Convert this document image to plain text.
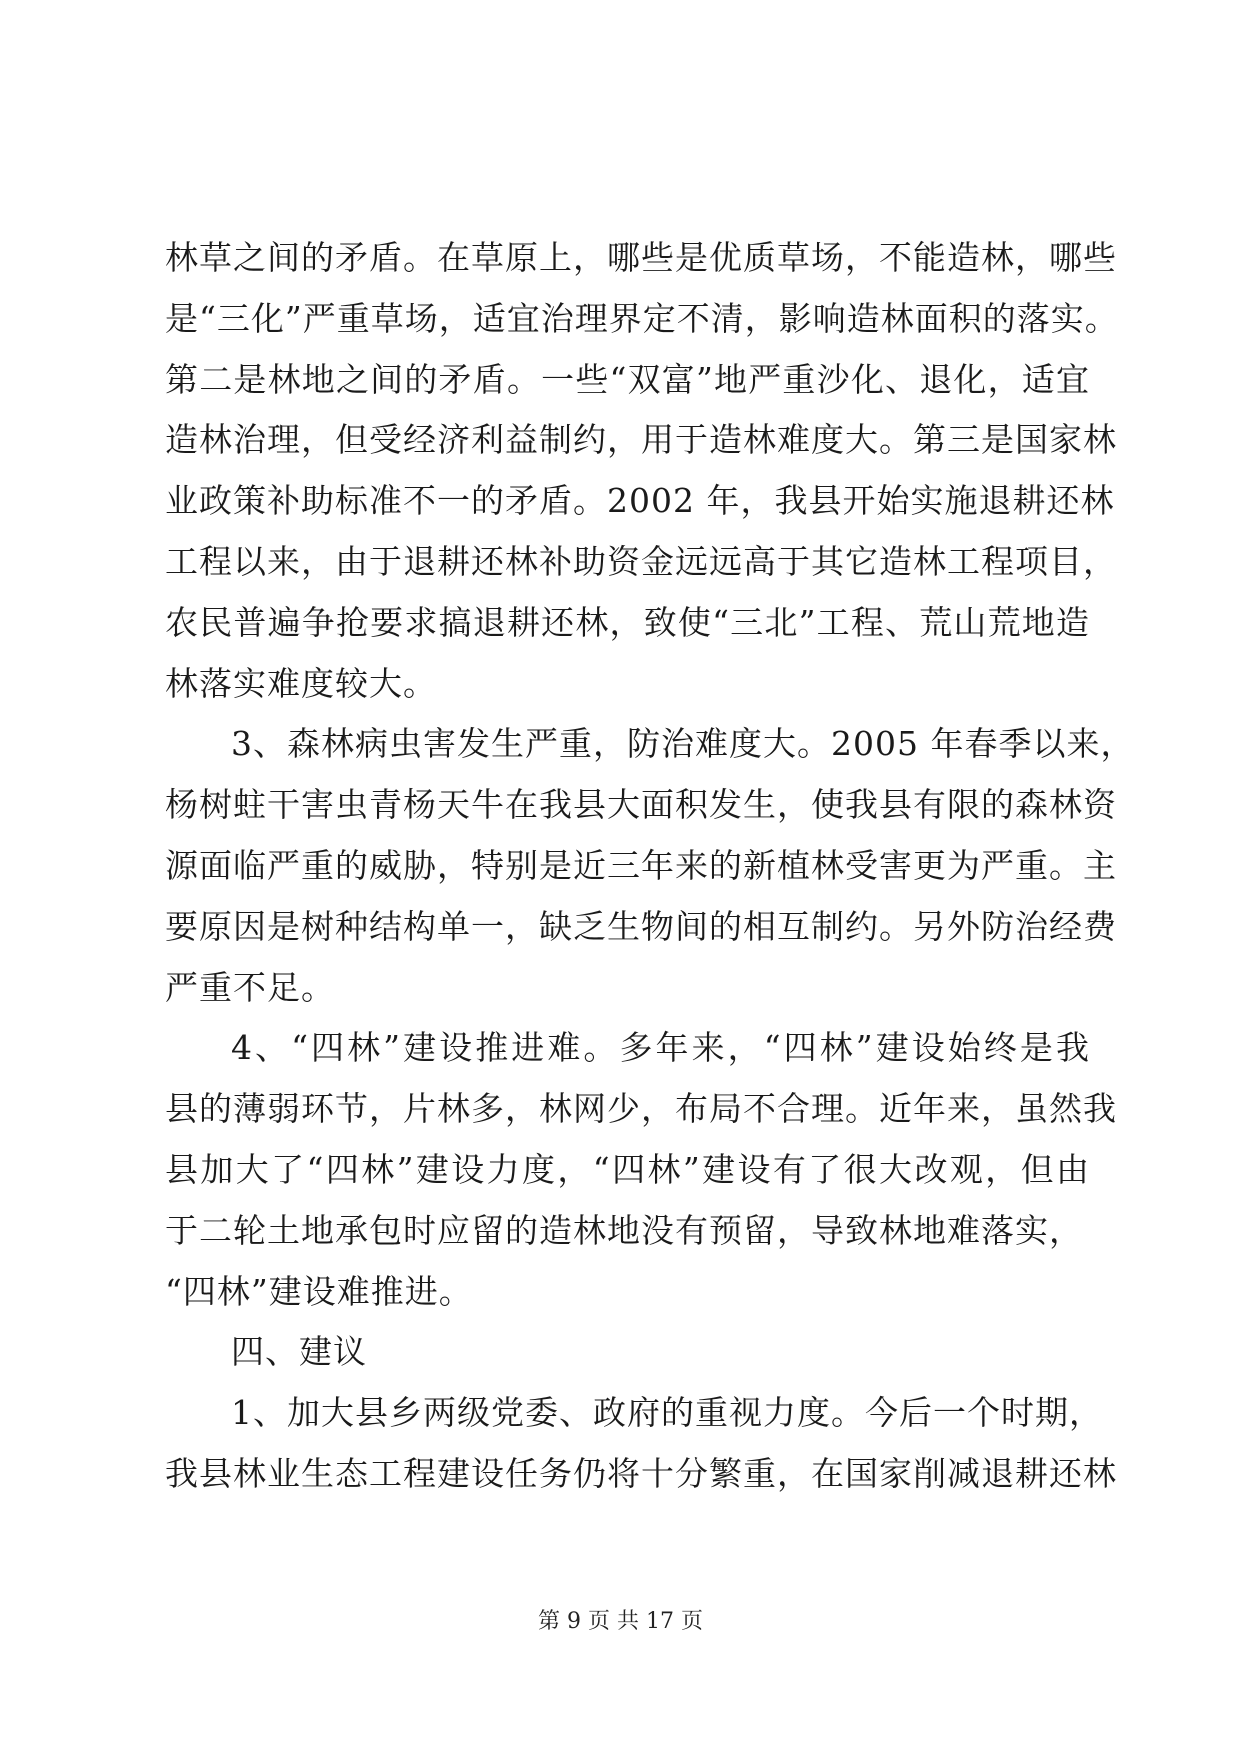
林草之间的矛盾。在草原上，哪些是优质草场，不能造林，哪些
是“三化”严重草场，适宜治理界定不清，影响造林面积的落实。
第二是林地之间的矛盾。一些“双富”地严重沙化、退化，适宜
造林治理，但受经济利益制约，用于造林难度大。第三是国家林
业政策补助标准不一的矛盾。2002 年，我县开始实施退耕还林
工程以来，由于退耕还林补助资金远远高于其它造林工程项目，
农民普遍争抢要求搞退耕还林，致使“三北”工程、荒山荒地造
林落实难度较大。
3、森林病虫害发生严重，防治难度大。2005 年春季以来，
杨树蛀干害虫青杨天牛在我县大面积发生，使我县有限的森林资
源面临严重的威胁，特别是近三年来的新植林受害更为严重。主
要原因是树种结构单一，缺乏生物间的相互制约。另外防治经费
严重不足。
4、“四林”建设推进难。多年来，“四林”建设始终是我
县的薄弱环节，片林多，林网少，布局不合理。近年来，虽然我
县加大了“四林”建设力度，“四林”建设有了很大改观，但由
于二轮土地承包时应留的造林地没有预留，导致林地难落实，
“四林”建设难推进。
四、建议
1、加大县乡两级党委、政府的重视力度。今后一个时期，
我县林业生态工程建设任务仍将十分繁重，在国家削减退耕还林
第 9 页 共 17 页
